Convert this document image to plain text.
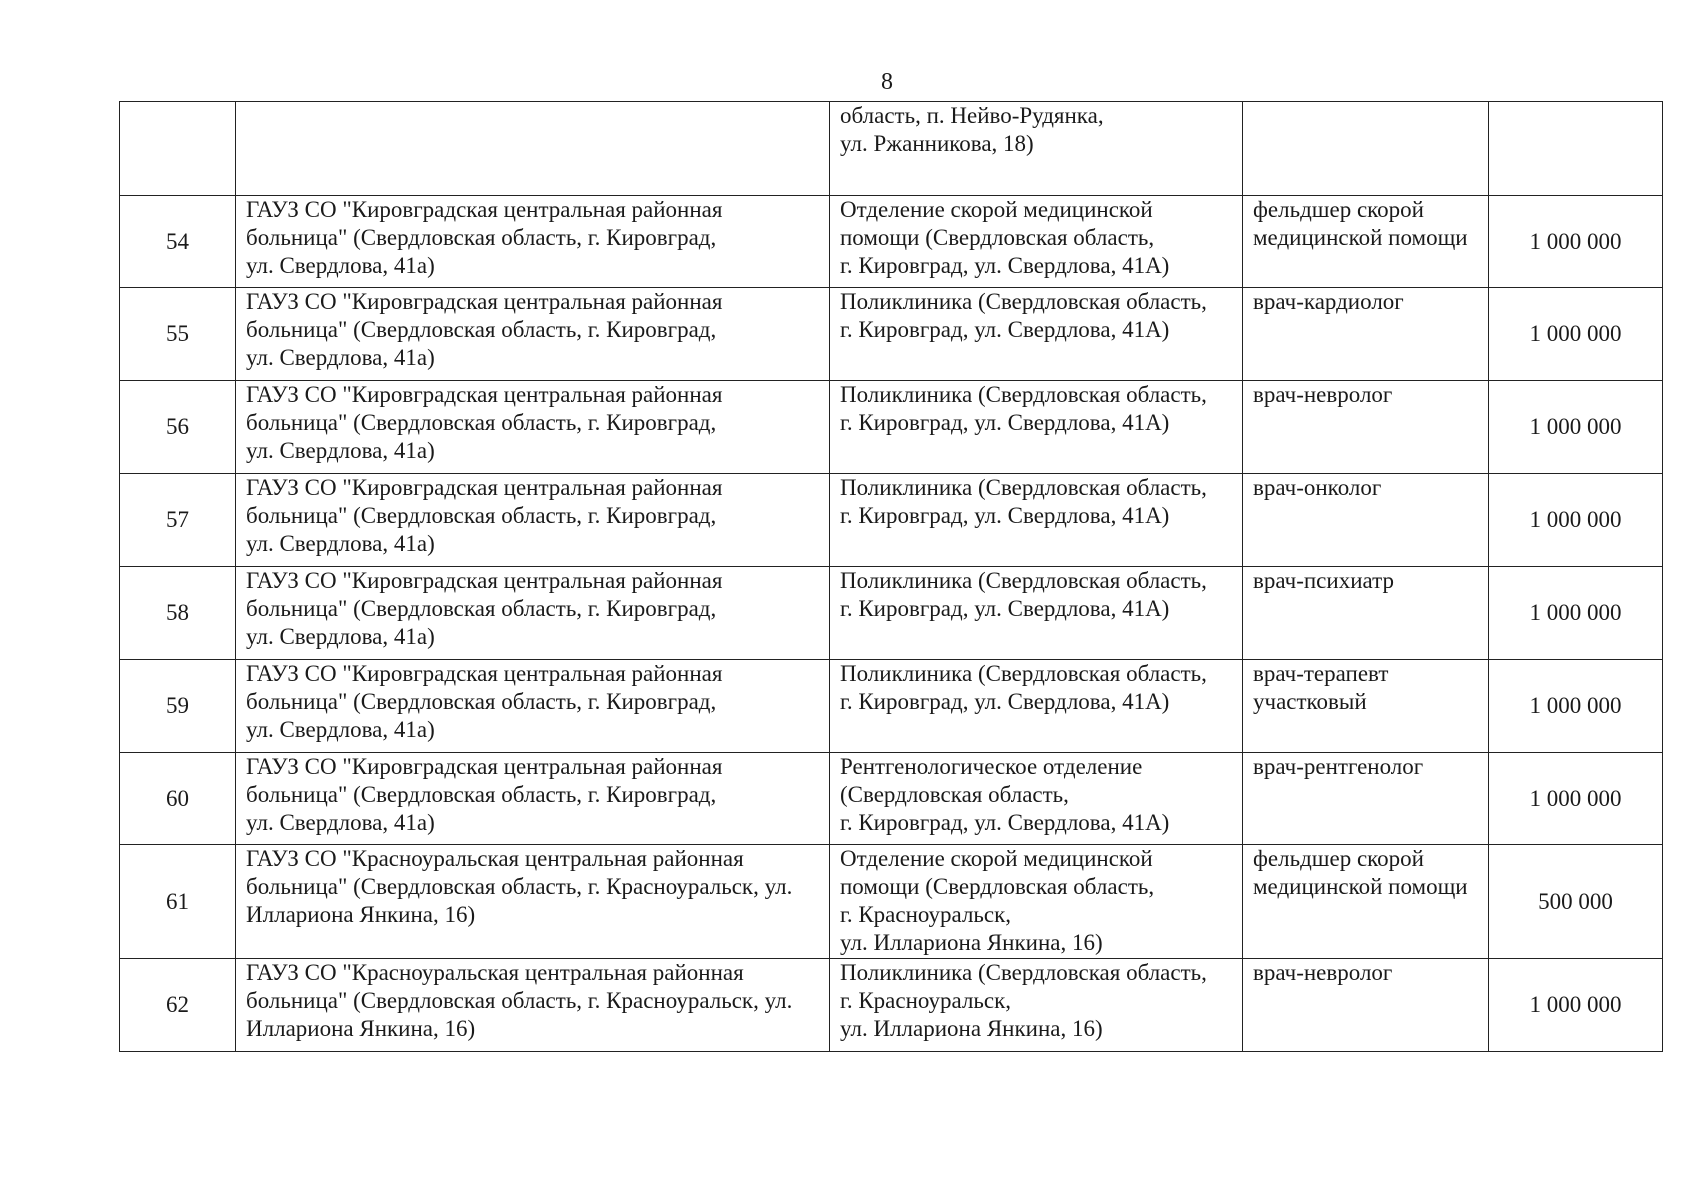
8
		область, п. Нейво-Рудянка,
ул. Ржанникова, 18)		
54	ГАУЗ СО "Кировградская центральная районная больница" (Свердловская область, г. Кировград,
ул. Свердлова, 41а)	Отделение скорой медицинской помощи (Свердловская область,
г. Кировград, ул. Свердлова, 41А)	фельдшер скорой медицинской помощи	1 000 000
55	ГАУЗ СО "Кировградская центральная районная больница" (Свердловская область, г. Кировград,
ул. Свердлова, 41а)	Поликлиника (Свердловская область,
г. Кировград, ул. Свердлова, 41А)	врач-кардиолог	1 000 000
56	ГАУЗ СО "Кировградская центральная районная больница" (Свердловская область, г. Кировград,
ул. Свердлова, 41а)	Поликлиника (Свердловская область,
г. Кировград, ул. Свердлова, 41А)	врач-невролог	1 000 000
57	ГАУЗ СО "Кировградская центральная районная больница" (Свердловская область, г. Кировград,
ул. Свердлова, 41а)	Поликлиника (Свердловская область,
г. Кировград, ул. Свердлова, 41А)	врач-онколог	1 000 000
58	ГАУЗ СО "Кировградская центральная районная больница" (Свердловская область, г. Кировград,
ул. Свердлова, 41а)	Поликлиника (Свердловская область,
г. Кировград, ул. Свердлова, 41А)	врач-психиатр	1 000 000
59	ГАУЗ СО "Кировградская центральная районная больница" (Свердловская область, г. Кировград,
ул. Свердлова, 41а)	Поликлиника (Свердловская область,
г. Кировград, ул. Свердлова, 41А)	врач-терапевт участковый	1 000 000
60	ГАУЗ СО "Кировградская центральная районная больница" (Свердловская область, г. Кировград,
ул. Свердлова, 41а)	Рентгенологическое отделение (Свердловская область,
г. Кировград, ул. Свердлова, 41А)	врач-рентгенолог	1 000 000
61	ГАУЗ СО "Красноуральская центральная районная больница" (Свердловская область, г. Красноуральск, ул. Иллариона Янкина, 16)	Отделение скорой медицинской помощи (Свердловская область,
г. Красноуральск,
ул. Иллариона Янкина, 16)	фельдшер скорой медицинской помощи	500 000
62	ГАУЗ СО "Красноуральская центральная районная больница" (Свердловская область, г. Красноуральск, ул. Иллариона Янкина, 16)	Поликлиника (Свердловская область,
г. Красноуральск,
ул. Иллариона Янкина, 16)	врач-невролог	1 000 000
